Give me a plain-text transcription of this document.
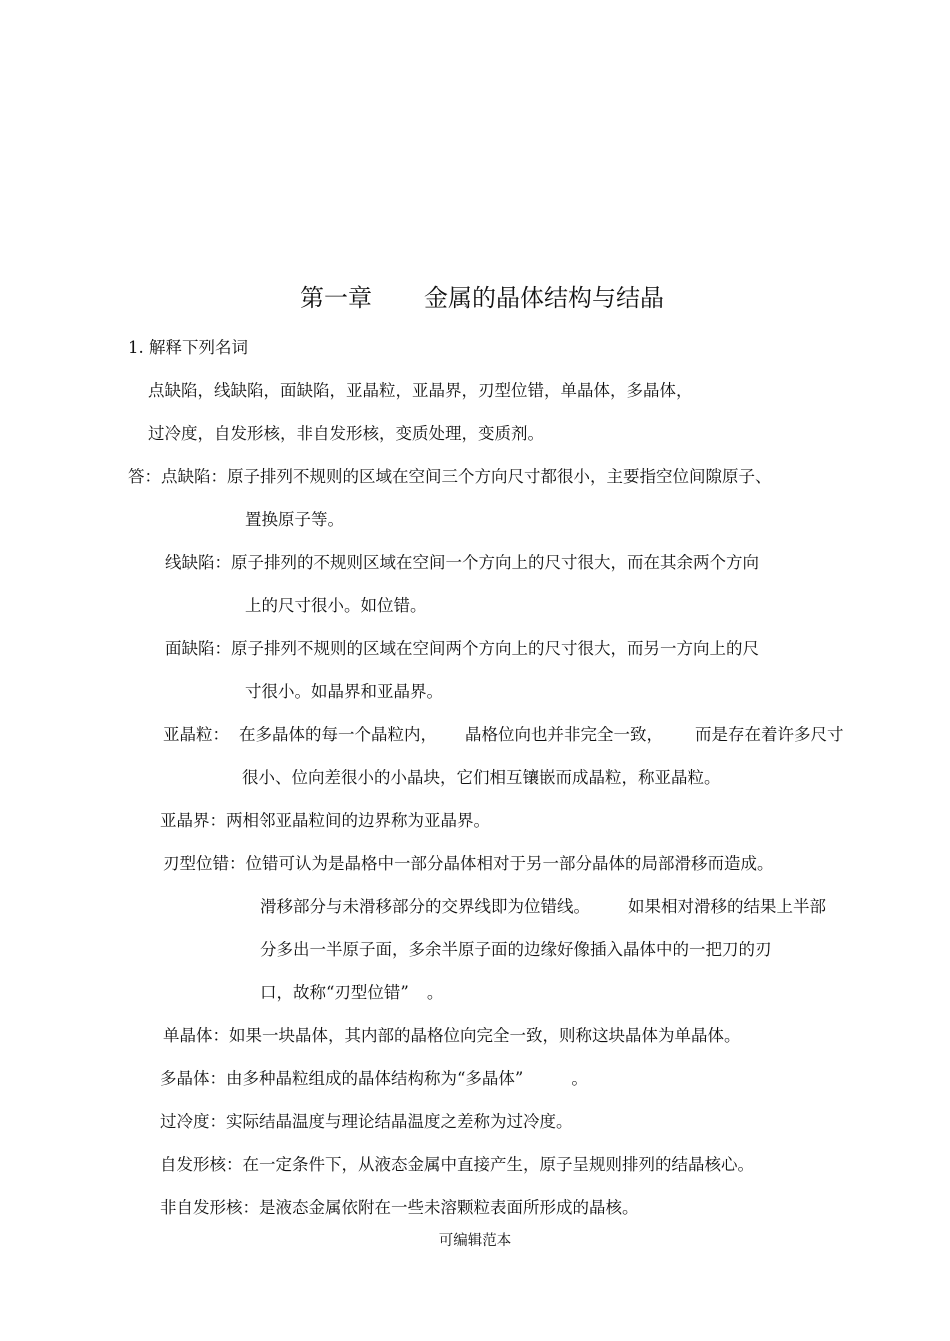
第一章 金属的晶体结构与结晶
1. 解释下列名词
点缺陷，线缺陷，面缺陷，亚晶粒，亚晶界，刃型位错，单晶体，多晶体，
过冷度，自发形核，非自发形核，变质处理，变质剂。
答：点缺陷：原子排列不规则的区域在空间三个方向尺寸都很小，主要指空位间隙原子、
置换原子等。
线缺陷：原子排列的不规则区域在空间一个方向上的尺寸很大，而在其余两个方向
上的尺寸很小。如位错。
面缺陷：原子排列不规则的区域在空间两个方向上的尺寸很大，而另一方向上的尺
寸很小。如晶界和亚晶界。
亚晶粒： 在多晶体的每一个晶粒内， 晶格位向也并非完全一致， 而是存在着许多尺寸
很小、位向差很小的小晶块，它们相互镶嵌而成晶粒，称亚晶粒。
亚晶界：两相邻亚晶粒间的边界称为亚晶界。
刃型位错：位错可认为是晶格中一部分晶体相对于另一部分晶体的局部滑移而造成。
滑移部分与未滑移部分的交界线即为位错线。 如果相对滑移的结果上半部
分多出一半原子面，多余半原子面的边缘好像插入晶体中的一把刀的刃
口，故称“刃型位错” 。
单晶体：如果一块晶体，其内部的晶格位向完全一致，则称这块晶体为单晶体。
多晶体：由多种晶粒组成的晶体结构称为“多晶体”	。
过冷度：实际结晶温度与理论结晶温度之差称为过冷度。
自发形核：在一定条件下，从液态金属中直接产生，原子呈规则排列的结晶核心。
非自发形核：是液态金属依附在一些未溶颗粒表面所形成的晶核。
可编辑范本
